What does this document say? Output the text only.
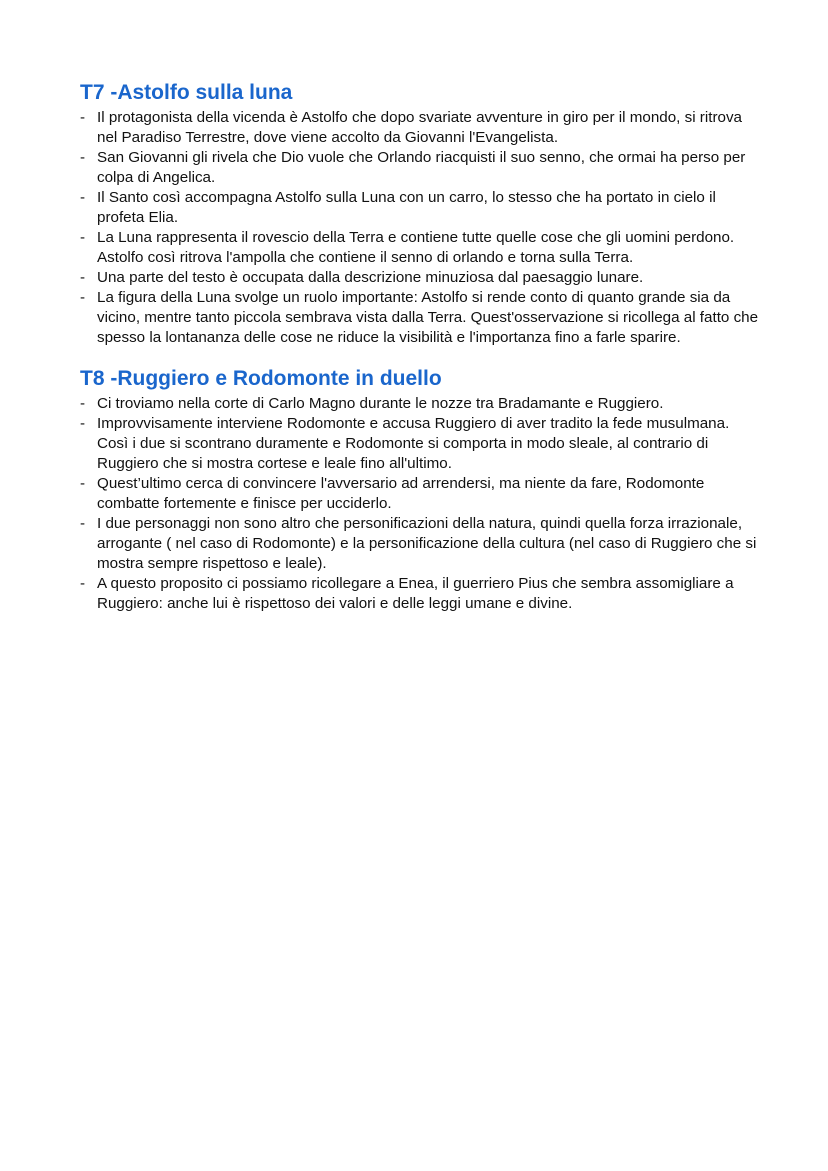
T7 -Astolfo sulla luna
- Il protagonista della vicenda è Astolfo che dopo svariate avventure in giro per il mondo, si ritrova nel Paradiso Terrestre, dove viene accolto da Giovanni l'Evangelista.
- San Giovanni gli rivela che Dio vuole che Orlando riacquisti il suo senno, che ormai ha perso per colpa di Angelica.
- Il Santo così accompagna Astolfo sulla Luna con un carro, lo stesso che ha portato in cielo il profeta Elia.
- La Luna rappresenta il rovescio della Terra e contiene tutte quelle cose che gli uomini perdono. Astolfo così ritrova l'ampolla che contiene il senno di orlando e torna sulla Terra.
- Una parte del testo è occupata dalla descrizione minuziosa dal paesaggio lunare.
- La figura della Luna svolge un ruolo importante: Astolfo si rende conto di quanto grande sia da vicino, mentre tanto piccola sembrava vista dalla Terra. Quest'osservazione si ricollega al fatto che spesso la lontananza delle cose ne riduce la visibilità e l'importanza fino a farle sparire.
T8 -Ruggiero e Rodomonte in duello
- Ci troviamo nella corte di Carlo Magno durante le nozze tra Bradamante e Ruggiero.
- Improvvisamente interviene Rodomonte e accusa Ruggiero di aver tradito la fede musulmana. Così i due si scontrano duramente e Rodomonte si comporta in modo sleale, al contrario di Ruggiero che si mostra cortese e leale fino all'ultimo.
- Quest’ultimo cerca di convincere l'avversario ad arrendersi, ma niente da fare, Rodomonte combatte fortemente e finisce per ucciderlo.
- I due personaggi non sono altro che personificazioni della natura, quindi quella forza irrazionale, arrogante ( nel caso di Rodomonte) e la personificazione della cultura (nel caso di Ruggiero che si mostra sempre rispettoso e leale).
- A questo proposito ci possiamo ricollegare a Enea, il guerriero Pius che sembra assomigliare a Ruggiero: anche lui è rispettoso dei valori e delle leggi umane e divine.
